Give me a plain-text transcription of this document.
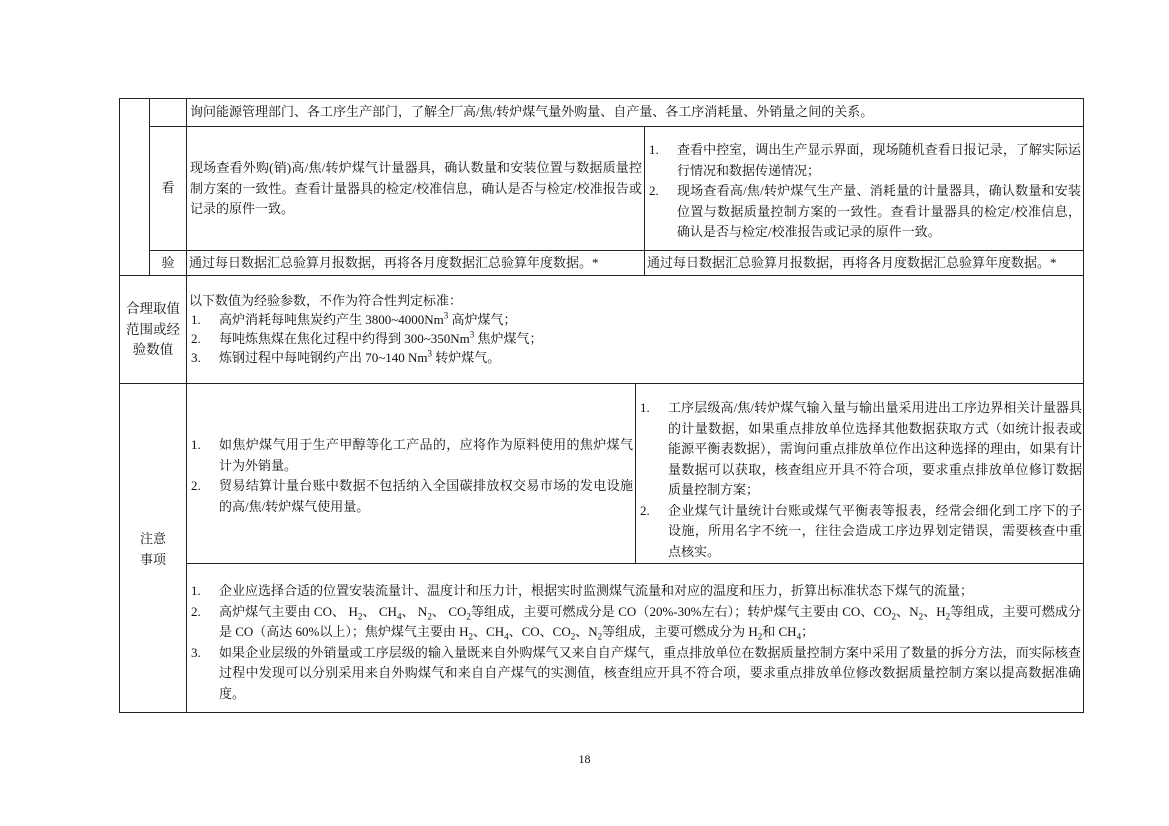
询问能源管理部门、各工序生产部门，了解全厂高/焦/转炉煤气量外购量、自产量、各工序消耗量、外销量之间的关系。
看
现场查看外购(销)高/焦/转炉煤气计量器具，确认数量和安装位置与数据质量控制方案的一致性。查看计量器具的检定/校准信息，确认是否与检定/校准报告或记录的原件一致。
1. 查看中控室，调出生产显示界面，现场随机查看日报记录，了解实际运行情况和数据传递情况；
2. 现场查看高/焦/转炉煤气生产量、消耗量的计量器具，确认数量和安装位置与数据质量控制方案的一致性。查看计量器具的检定/校准信息，确认是否与检定/校准报告或记录的原件一致。
验	通过每日数据汇总验算月报数据，再将各月度数据汇总验算年度数据。*	通过每日数据汇总验算月报数据，再将各月度数据汇总验算年度数据。*
合理取值
范围或经
验数值
以下数值为经验参数，不作为符合性判定标准：
1. 高炉消耗每吨焦炭约产生 3800~4000Nm$^3$ 高炉煤气；
2. 每吨炼焦煤在焦化过程中约得到 300~350Nm$^3$ 焦炉煤气；
3. 炼钢过程中每吨钢约产出 70~140 Nm$^3$ 转炉煤气。
注意
事项
1. 如焦炉煤气用于生产甲醇等化工产品的，应将作为原料使用的焦炉煤气计为外销量。
2. 贸易结算计量台账中数据不包括纳入全国碳排放权交易市场的发电设施的高/焦/转炉煤气使用量。
1. 工序层级高/焦/转炉煤气输入量与输出量采用进出工序边界相关计量器具的计量数据，如果重点排放单位选择其他数据获取方式（如统计报表或能源平衡表数据），需询问重点排放单位作出这种选择的理由，如果有计量数据可以获取，核查组应开具不符合项，要求重点排放单位修订数据质量控制方案；
2. 企业煤气计量统计台账或煤气平衡表等报表，经常会细化到工序下的子设施，所用名字不统一，往往会造成工序边界划定错误，需要核查中重点核实。
1. 企业应选择合适的位置安装流量计、温度计和压力计，根据实时监测煤气流量和对应的温度和压力，折算出标准状态下煤气的流量；
2. 高炉煤气主要由 CO、 $H_2$、 $CH_4$、 $N_2$、 $CO_2$等组成，主要可燃成分是 CO（20%-30%左右）；转炉煤气主要由 CO、$CO_2$、$N_2$、$H_2$等组成，主要可燃成分是 CO（高达 60%以上）；焦炉煤气主要由 $H_2$、$CH_4$、CO、$CO_2$、$N_2$等组成，主要可燃成分为 $H_2$和 $CH_4$；
3. 如果企业层级的外销量或工序层级的输入量既来自外购煤气又来自自产煤气，重点排放单位在数据质量控制方案中采用了数量的拆分方法，而实际核查过程中发现可以分别采用来自外购煤气和来自自产煤气的实测值，核查组应开具不符合项，要求重点排放单位修改数据质量控制方案以提高数据准确度。
18
